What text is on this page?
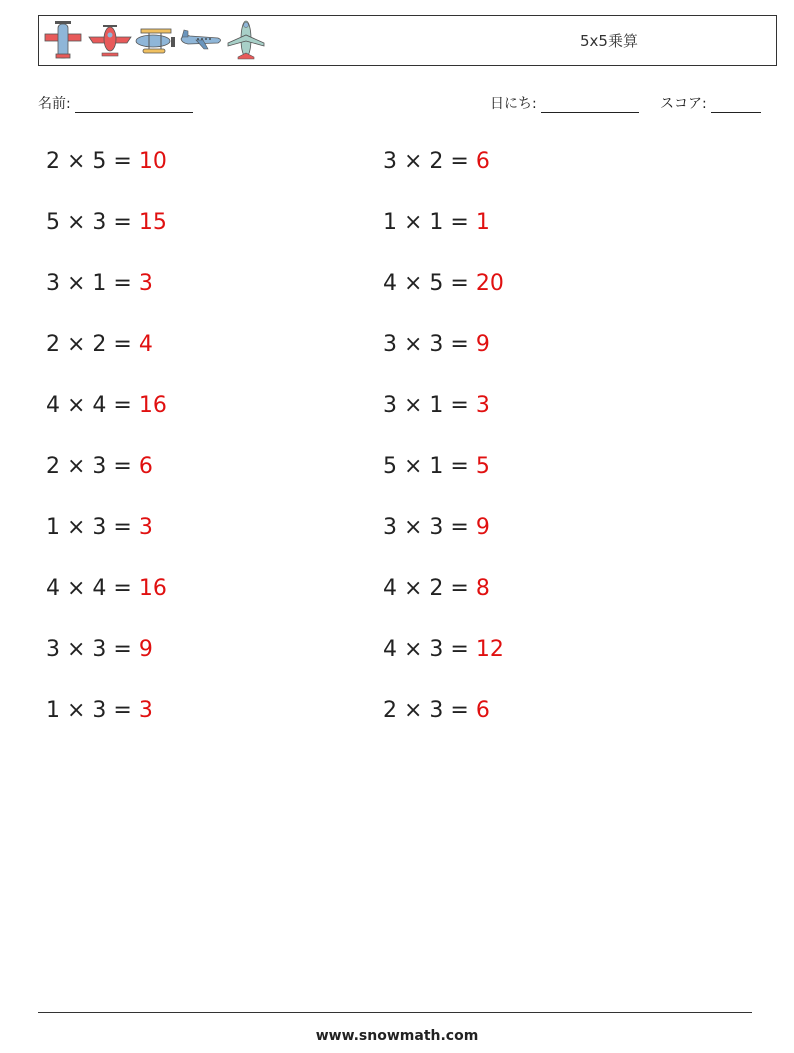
5x5乗算
名前:	日にち:	スコア:
2 × 5 = 10	3 × 2 = 6
5 × 3 = 15	1 × 1 = 1
3 × 1 = 3	4 × 5 = 20
2 × 2 = 4	3 × 3 = 9
4 × 4 = 16	3 × 1 = 3
2 × 3 = 6	5 × 1 = 5
1 × 3 = 3	3 × 3 = 9
4 × 4 = 16	4 × 2 = 8
3 × 3 = 9	4 × 3 = 12
1 × 3 = 3	2 × 3 = 6
www.snowmath.com
